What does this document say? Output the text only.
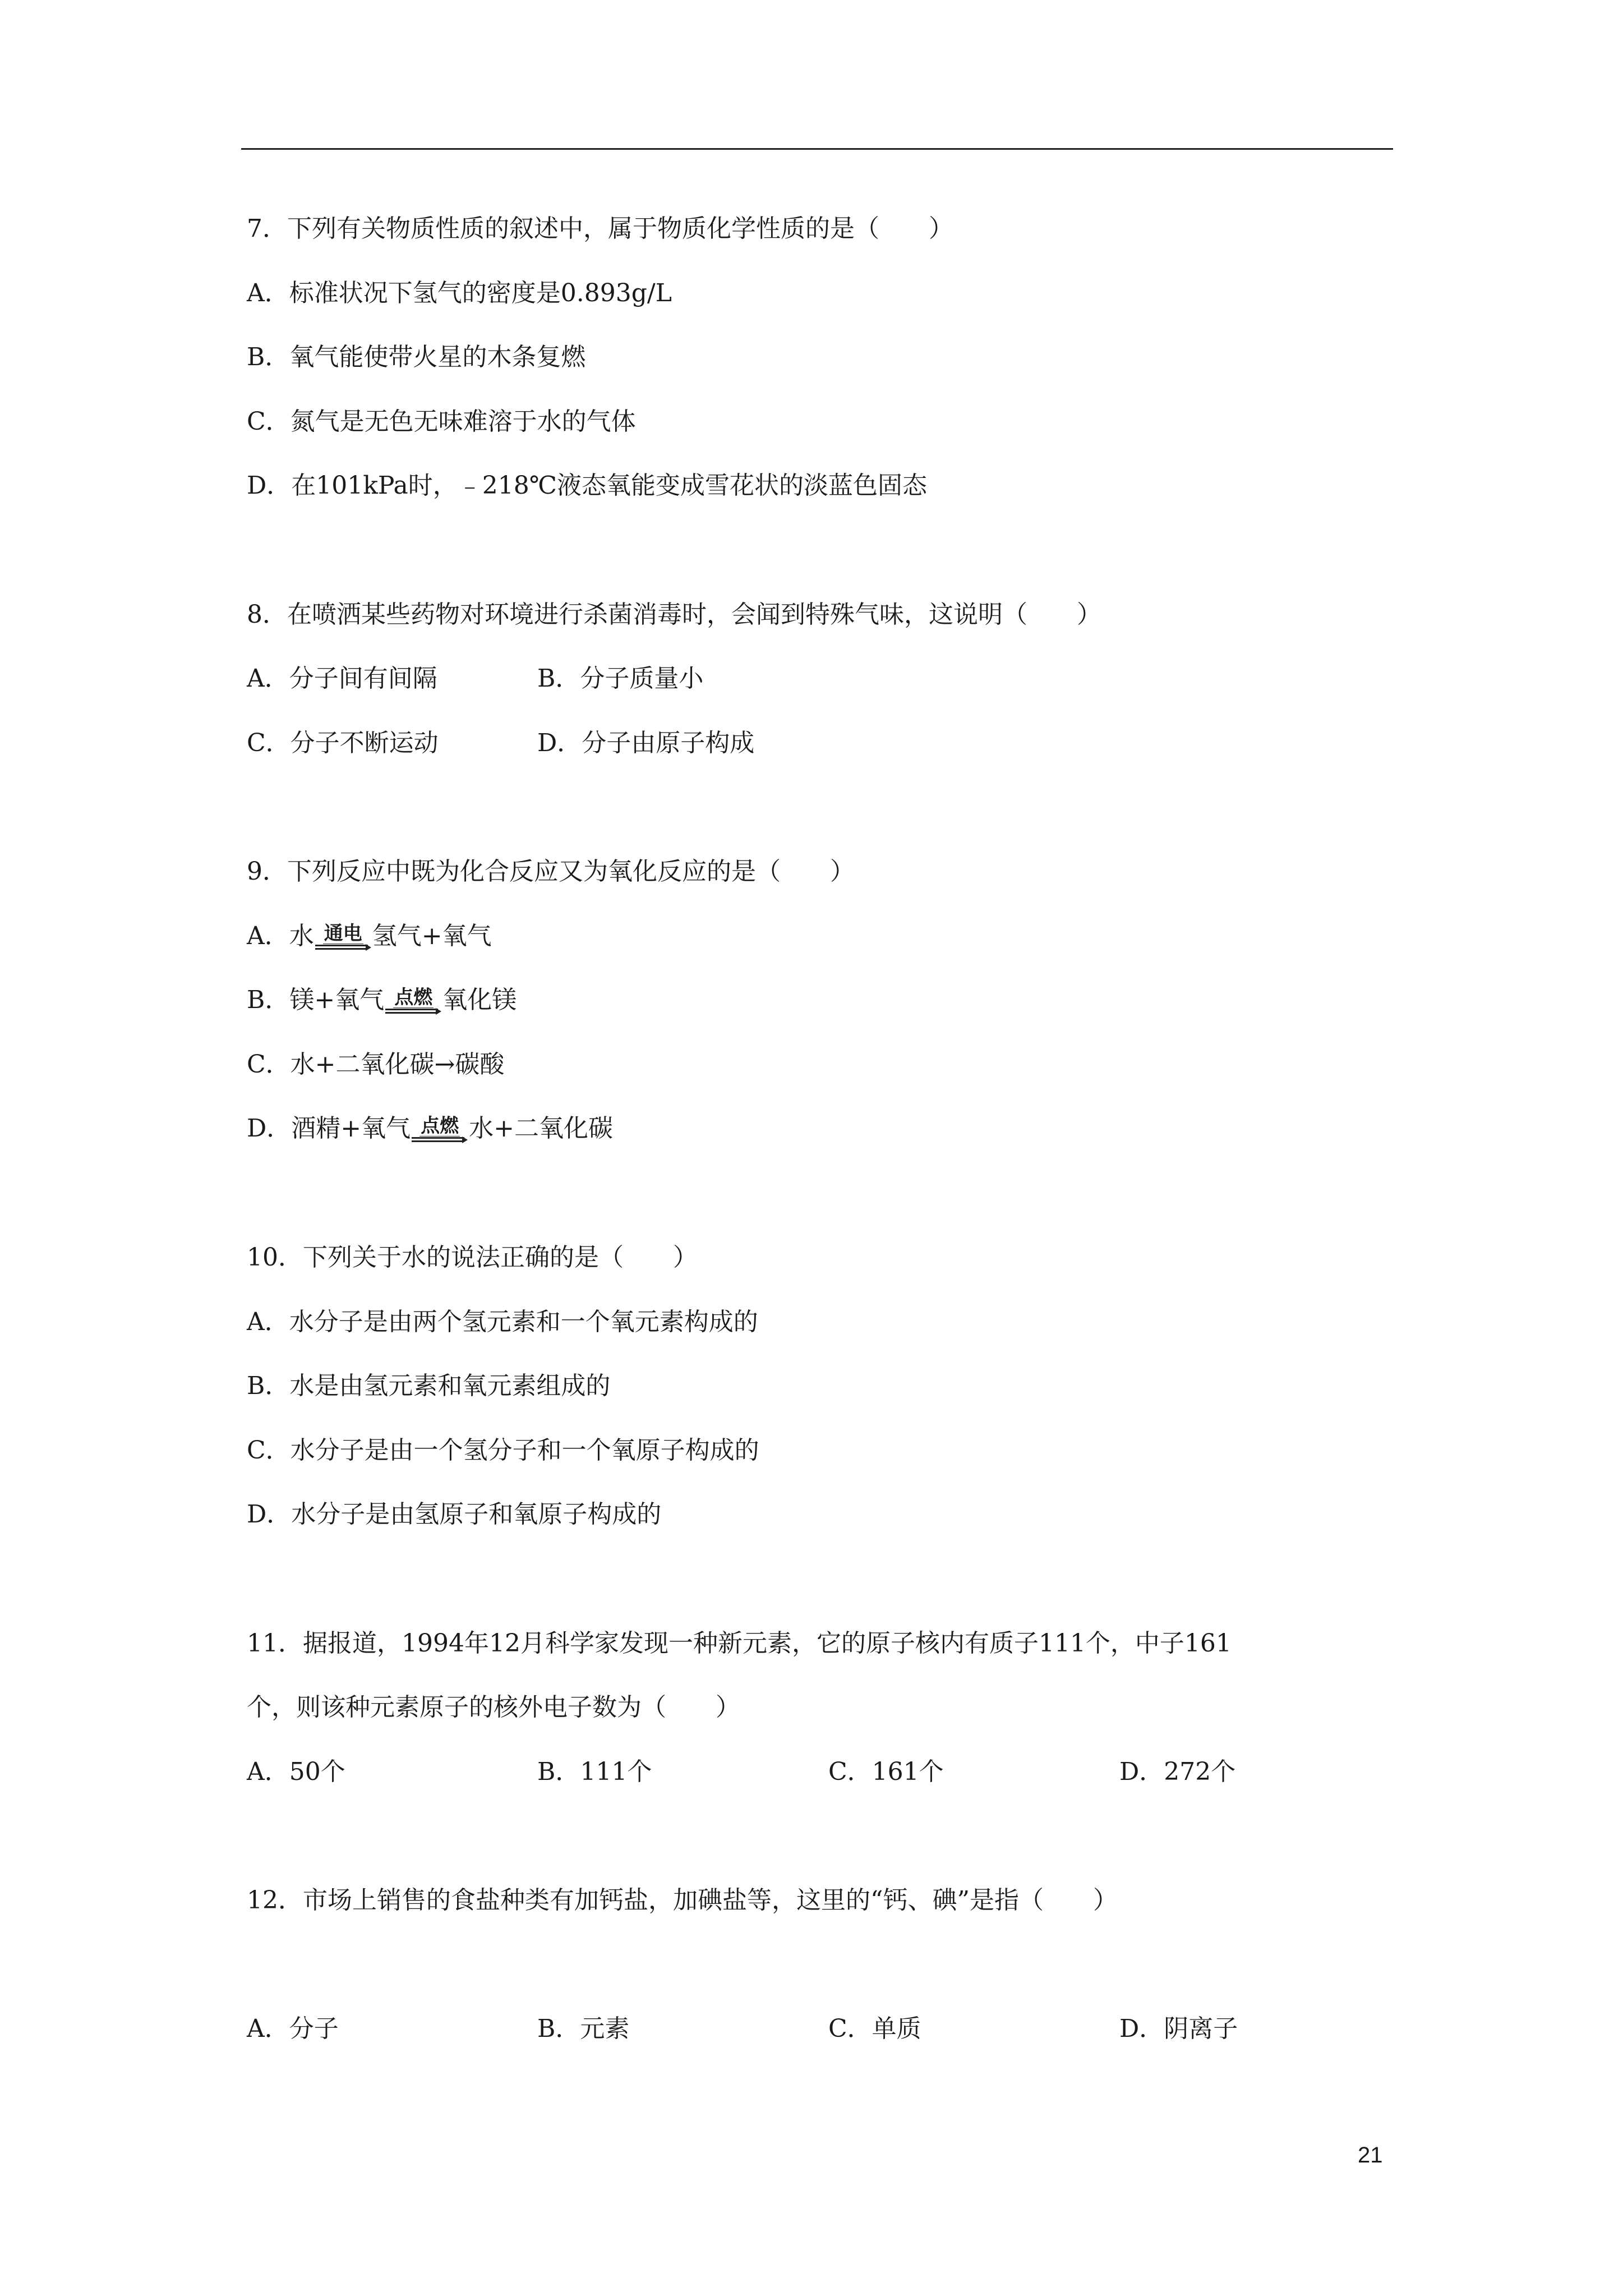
7．下列有关物质性质的叙述中，属于物质化学性质的是（　　）
A．标准状况下氢气的密度是0.893g/L
B．氧气能使带火星的木条复燃
C．氮气是无色无味难溶于水的气体
D．在101kPa时，﹣218℃液态氧能变成雪花状的淡蓝色固态
8．在喷洒某些药物对环境进行杀菌消毒时，会闻到特殊气味，这说明（　　）
A．分子间有间隔	B．分子质量小
C．分子不断运动	D．分子由原子构成
9．下列反应中既为化合反应又为氧化反应的是（　　）
A．水 通电 氢气+氧气
B．镁+氧气 点燃 氧化镁
C．水+二氧化碳→碳酸
D．酒精+氧气 点燃 水+二氧化碳
10．下列关于水的说法正确的是（　　）
A．水分子是由两个氢元素和一个氧元素构成的
B．水是由氢元素和氧元素组成的
C．水分子是由一个氢分子和一个氧原子构成的
D．水分子是由氢原子和氧原子构成的
11．据报道，1994年12月科学家发现一种新元素，它的原子核内有质子111个，中子161
个，则该种元素原子的核外电子数为（　　）
A．50个	B．111个	C．161个	D．272个
12．市场上销售的食盐种类有加钙盐，加碘盐等，这里的“钙、碘”是指（　　）
A．分子	B．元素	C．单质	D．阴离子
21
